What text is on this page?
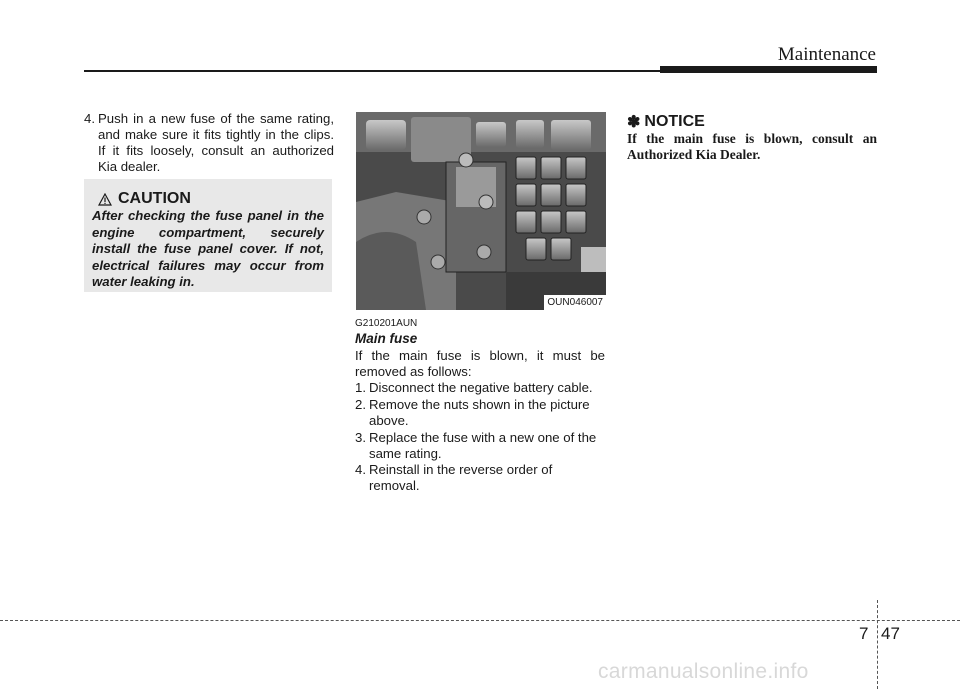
Maintenance
4. Push in a new fuse of the same rating, and make sure it fits tightly in the clips. If it fits loosely, consult an authorized Kia dealer.
CAUTION
After checking the fuse panel in the engine compartment, securely install the fuse panel cover. If not, electrical failures may occur from water leaking in.
OUN046007
G210201AUN
Main fuse
If the main fuse is blown, it must be removed as follows:
1. Disconnect the negative battery cable.
2. Remove the nuts shown in the picture above.
3. Replace the fuse with a new one of the same rating.
4. Reinstall in the reverse order of removal.
✽ NOTICE
If the main fuse is blown, consult an Authorized Kia Dealer.
7 47
carmanualsonline.info
